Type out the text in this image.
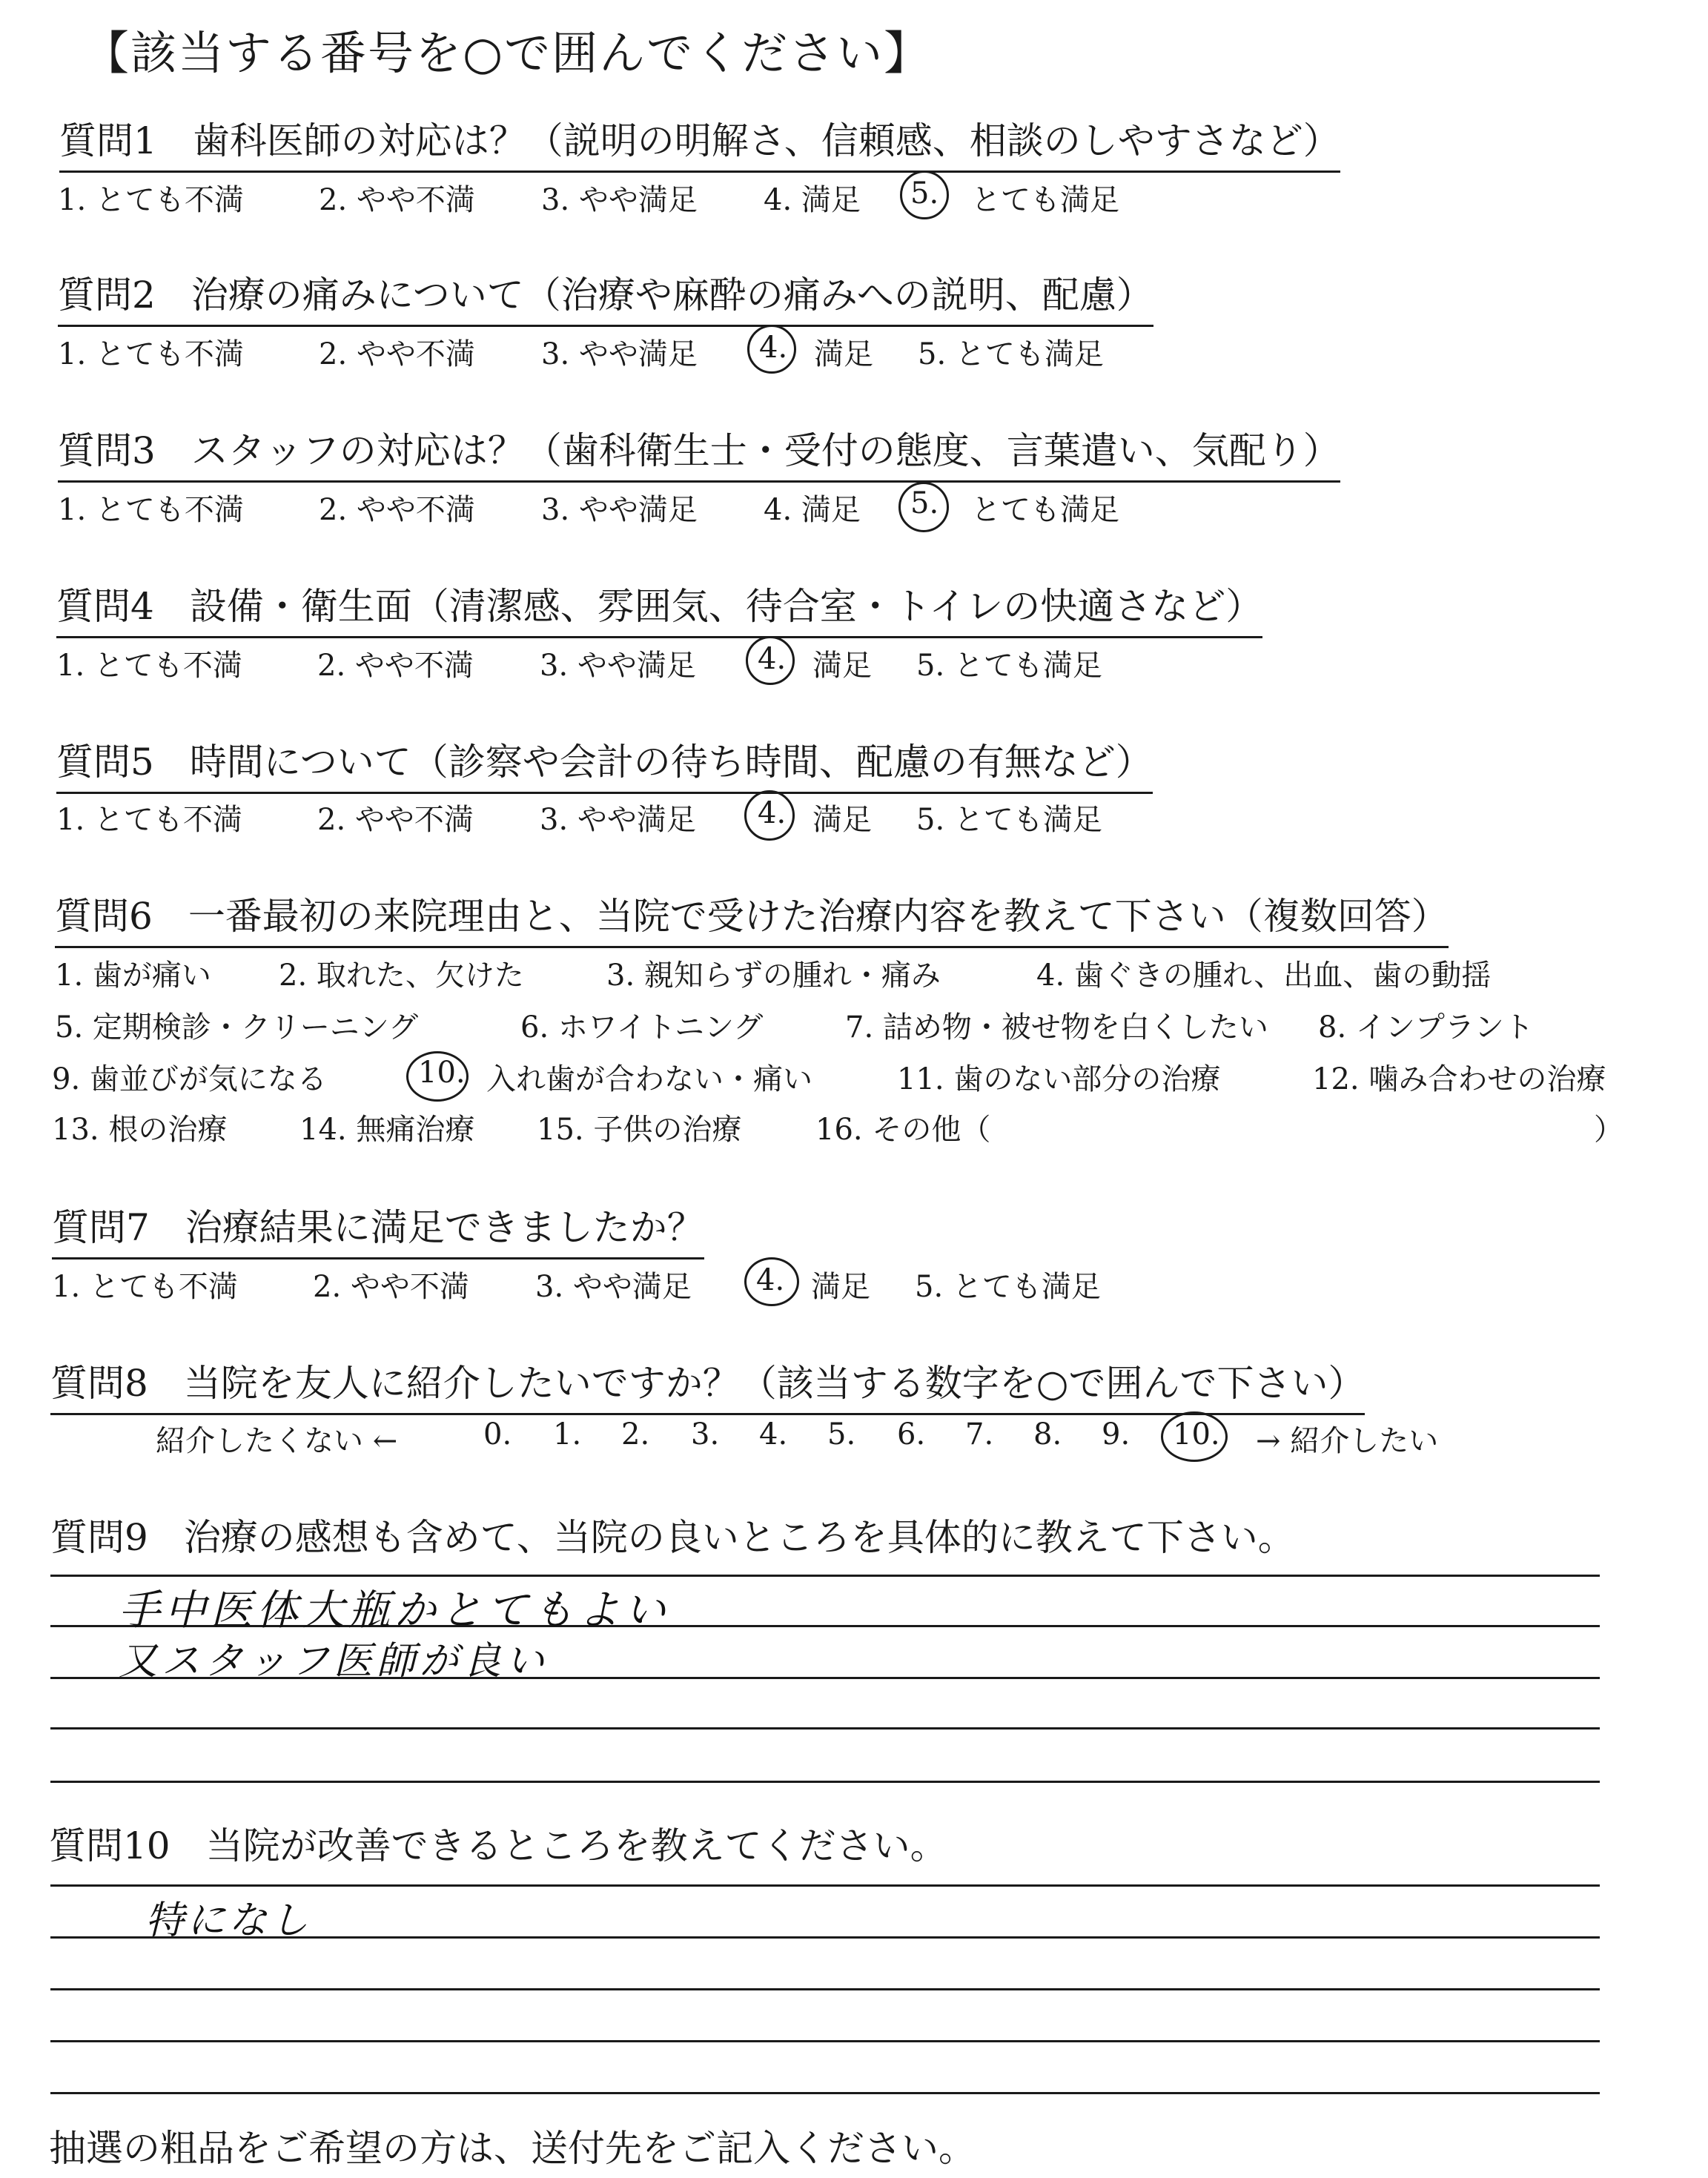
【該当する番号を○で囲んでください】
質問1 歯科医師の対応は？（説明の明解さ、信頼感、相談のしやすさなど）
1. とても不満	2. やや不満 3. やや満足 4. 満足 5. とても満足
質問2 治療の痛みについて（治療や麻酔の痛みへの説明、配慮）
1. とても不満	2. やや不満 3. やや満足 4. 満足 5. とても満足
質問3 スタッフの対応は？（歯科衛生士・受付の態度、言葉遣い、気配り）
1. とても不満	2. やや不満 3. やや満足 4. 満足 5. とても満足
質問4 設備・衛生面（清潔感、雰囲気、待合室・トイレの快適さなど）
1. とても不満	2. やや不満 3. やや満足 4. 満足 5. とても満足
質問5 時間について（診察や会計の待ち時間、配慮の有無など）
1. とても不満	2. やや不満 3. やや満足 4. 満足 5. とても満足
質問6 一番最初の来院理由と、当院で受けた治療内容を教えて下さい（複数回答）
1. 歯が痛い 2. 取れた、欠けた	3. 親知らずの腫れ・痛み	4. 歯ぐきの腫れ、出血、歯の動揺
5. 定期検診・クリーニング	6. ホワイトニング	7. 詰め物・被せ物を白くしたい 8. インプラント
9. 歯並びが気になる	10. 入れ歯が合わない・痛い	11. 歯のない部分の治療	12. 噛み合わせの治療
13. 根の治療 14. 無痛治療 15. 子供の治療 16. その他（	）
質問7 治療結果に満足できましたか？
1. とても不満	2. やや不満 3. やや満足 4. 満足 5. とても満足
質問8 当院を友人に紹介したいですか？（該当する数字を○で囲んで下さい）
紹介したくない ←	0. 1. 2. 3. 4. 5. 6. 7. 8. 9. 10. → 紹介したい
質問9 治療の感想も含めて、当院の良いところを具体的に教えて下さい。
手中医体大瓶かとてもよい
又スタッフ医師が良い
質問10 当院が改善できるところを教えてください。
特になし
抽選の粗品をご希望の方は、送付先をご記入ください。
